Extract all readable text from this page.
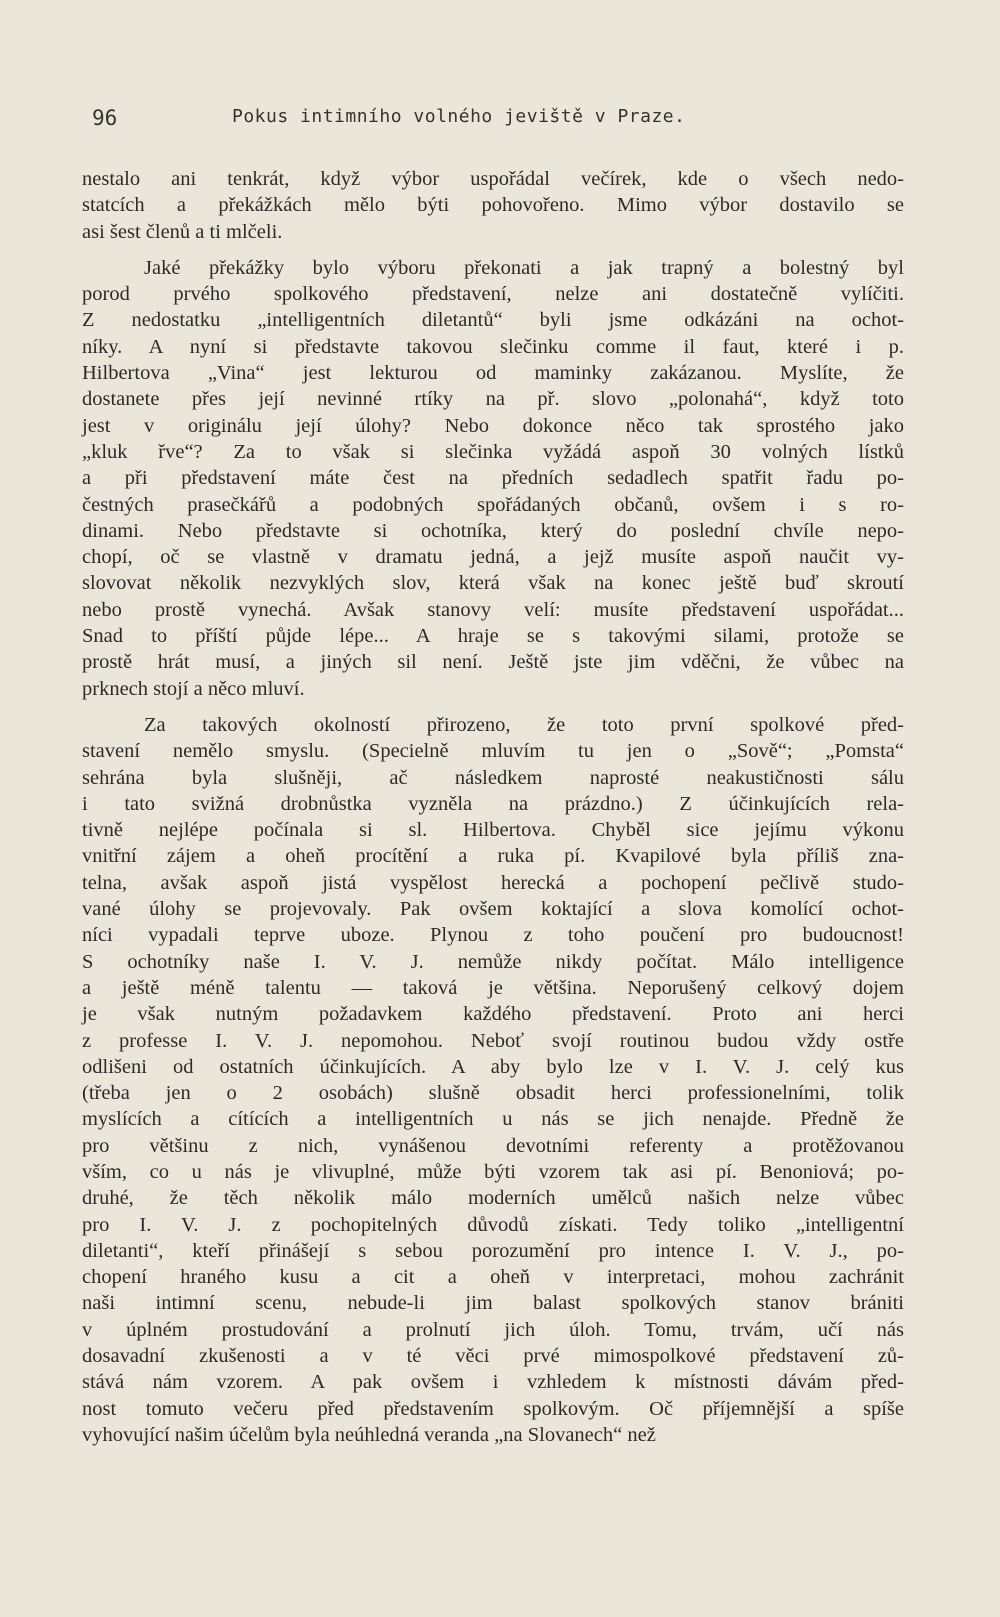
96	Pokus intimního volného jeviště v Praze.

nestalo ani tenkrát, když výbor uspořádal večírek, kde o všech nedo-
statcích a překážkách mělo býti pohovořeno. Mimo výbor dostavilo se
asi šest členů a ti mlčeli.

Jaké překážky bylo výboru překonati a jak trapný a bolestný byl
porod prvého spolkového představení, nelze ani dostatečně vylíčiti.
Z nedostatku „intelligentních diletantů“ byli jsme odkázáni na ochot-
níky. A nyní si představte takovou slečinku comme il faut, které i p.
Hilbertova „Vina“ jest lekturou od maminky zakázanou. Myslíte, že
dostanete přes její nevinné rtíky na př. slovo „polonahá“, když toto
jest v originálu její úlohy? Nebo dokonce něco tak sprostého jako
„kluk řve“? Za to však si slečinka vyžádá aspoň 30 volných lístků
a při představení máte čest na předních sedadlech spatřit řadu po-
čestných prasečkářů a podobných spořádaných občanů, ovšem i s ro-
dinami. Nebo představte si ochotníka, který do poslední chvíle nepo-
chopí, oč se vlastně v dramatu jedná, a jejž musíte aspoň naučit vy-
slovovat několik nezvyklých slov, která však na konec ještě buď skroutí
nebo prostě vynechá. Avšak stanovy velí: musíte představení uspořádat...
Snad to příští půjde lépe... A hraje se s takovými silami, protože se
prostě hrát musí, a jiných sil není. Ještě jste jim vděčni, že vůbec na
prknech stojí a něco mluví.

Za takových okolností přirozeno, že toto první spolkové před-
stavení nemělo smyslu. (Specielně mluvím tu jen o „Sově“; „Pomsta“
sehrána byla slušněji, ač následkem naprosté neakustičnosti sálu
i tato svižná drobnůstka vyzněla na prázdno.) Z účinkujících rela-
tivně nejlépe počínala si sl. Hilbertova. Chyběl sice jejímu výkonu
vnitřní zájem a oheň procítění a ruka pí. Kvapilové byla příliš zna-
telna, avšak aspoň jistá vyspělost herecká a pochopení pečlivě studo-
vané úlohy se projevovaly. Pak ovšem koktající a slova komolící ochot-
níci vypadali teprve uboze. Plynou z toho poučení pro budoucnost!
S ochotníky naše I. V. J. nemůže nikdy počítat. Málo intelligence
a ještě méně talentu — taková je většina. Neporušený celkový dojem
je však nutným požadavkem každého představení. Proto ani herci
z professe I. V. J. nepomohou. Neboť svojí routinou budou vždy ostře
odlišeni od ostatních účinkujících. A aby bylo lze v I. V. J. celý kus
(třeba jen o 2 osobách) slušně obsadit herci professionelními, tolik
myslících a cítících a intelligentních u nás se jich nenajde. Předně že
pro většinu z nich, vynášenou devotními referenty a protěžovanou
vším, co u nás je vlivuplné, může býti vzorem tak asi pí. Benoniová; po-
druhé, že těch několik málo moderních umělců našich nelze vůbec
pro I. V. J. z pochopitelných důvodů získati. Tedy toliko „intelligentní
diletanti“, kteří přinášejí s sebou porozumění pro intence I. V. J., po-
chopení hraného kusu a cit a oheň v interpretaci, mohou zachránit
naši intimní scenu, nebude-li jim balast spolkových stanov brániti
v úplném prostudování a prolnutí jich úloh. Tomu, trvám, učí nás
dosavadní zkušenosti a v té věci prvé mimospolkové představení zů-
stává nám vzorem. A pak ovšem i vzhledem k místnosti dávám před-
nost tomuto večeru před představením spolkovým. Oč příjemnější a spíše
vyhovující našim účelům byla neúhledná veranda „na Slovanech“ než
